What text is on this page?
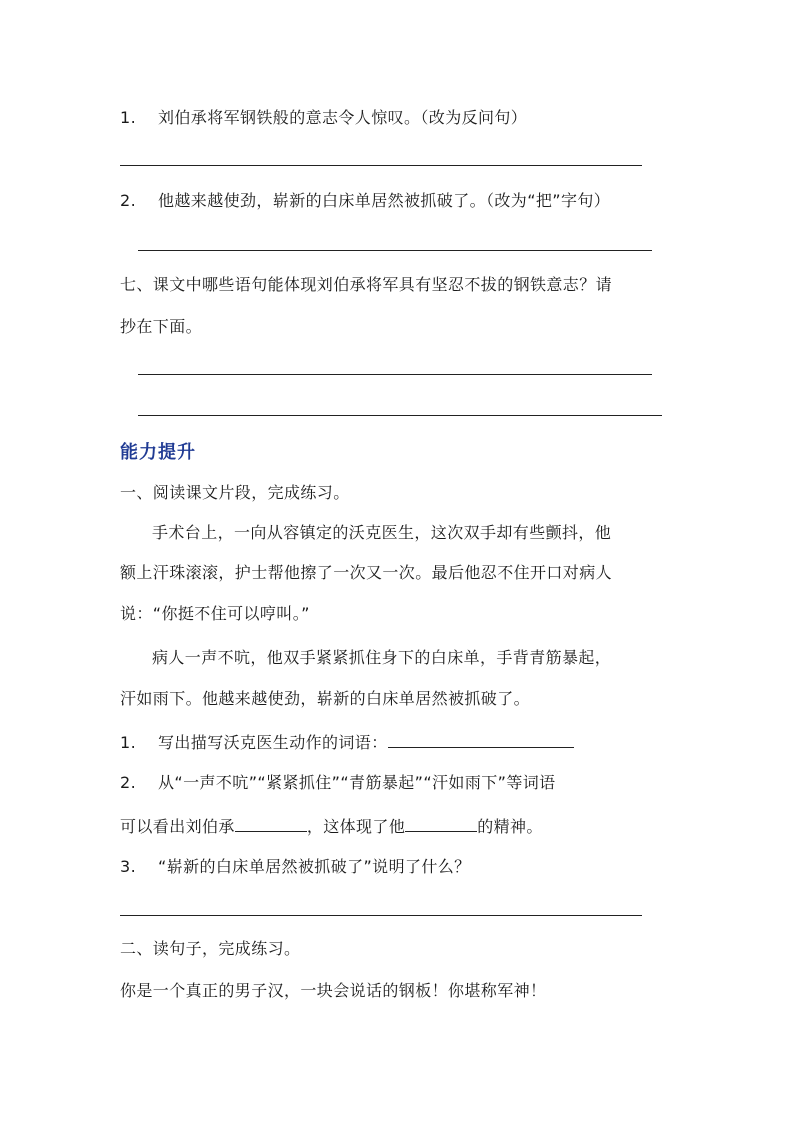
1. 刘伯承将军钢铁般的意志令人惊叹。（改为反问句）
2. 他越来越使劲，崭新的白床单居然被抓破了。（改为“把”字句）
七、课文中哪些语句能体现刘伯承将军具有坚忍不拔的钢铁意志？请
抄在下面。
能力提升
一、阅读课文片段，完成练习。
手术台上，一向从容镇定的沃克医生，这次双手却有些颤抖，他
额上汗珠滚滚，护士帮他擦了一次又一次。最后他忍不住开口对病人
说：“你挺不住可以哼叫。”
病人一声不吭，他双手紧紧抓住身下的白床单，手背青筋暴起，
汗如雨下。他越来越使劲，崭新的白床单居然被抓破了。
1. 写出描写沃克医生动作的词语：
2. 从“一声不吭”“紧紧抓住”“青筋暴起”“汗如雨下”等词语
可以看出刘伯承	，这体现了他	的精神。
3. “崭新的白床单居然被抓破了”说明了什么？
二、读句子，完成练习。
你是一个真正的男子汉，一块会说话的钢板！你堪称军神！
